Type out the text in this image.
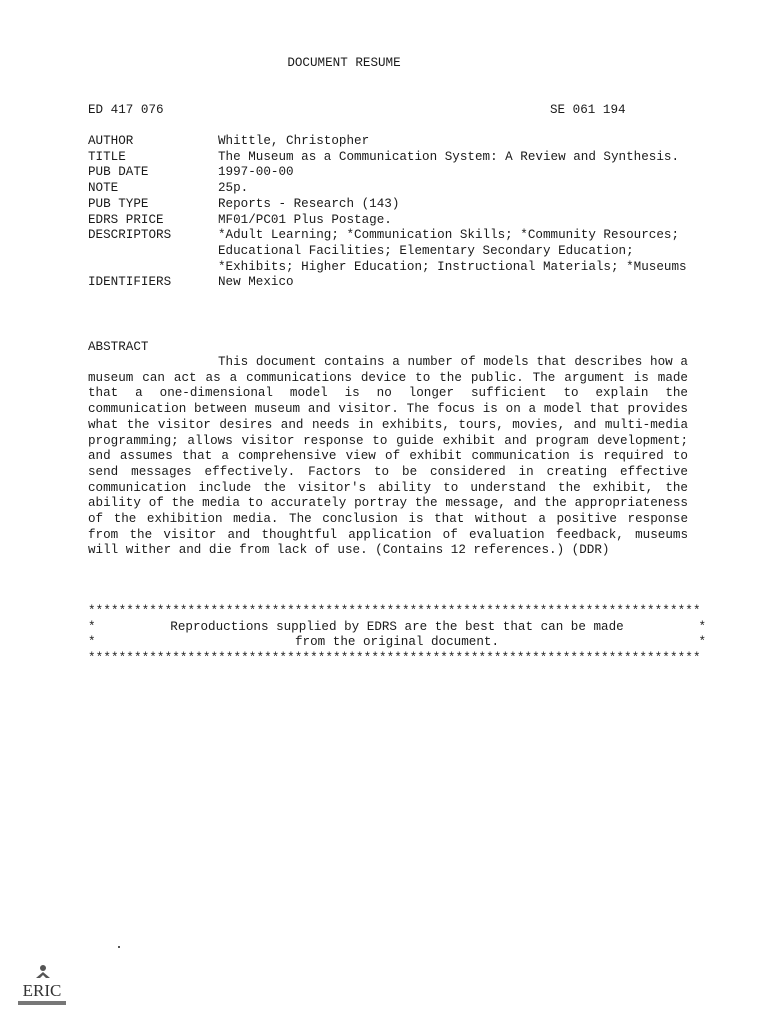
DOCUMENT RESUME
ED 417 076	SE 061 194
AUTHOR	Whittle, Christopher
TITLE	The Museum as a Communication System: A Review and Synthesis.
PUB DATE	1997-00-00
NOTE	25p.
PUB TYPE	Reports - Research (143)
EDRS PRICE	MF01/PC01 Plus Postage.
DESCRIPTORS	*Adult Learning; *Communication Skills; *Community Resources; Educational Facilities; Elementary Secondary Education; *Exhibits; Higher Education; Instructional Materials; *Museums
IDENTIFIERS	New Mexico
ABSTRACT

This document contains a number of models that describes how a museum can act as a communications device to the public. The argument is made that a one-dimensional model is no longer sufficient to explain the communication between museum and visitor. The focus is on a model that provides what the visitor desires and needs in exhibits, tours, movies, and multi-media programming; allows visitor response to guide exhibit and program development; and assumes that a comprehensive view of exhibit communication is required to send messages effectively. Factors to be considered in creating effective communication include the visitor's ability to understand the exhibit, the ability of the media to accurately portray the message, and the appropriateness of the exhibition media. The conclusion is that without a positive response from the visitor and thoughtful application of evaluation feedback, museums will wither and die from lack of use. (Contains 12 references.) (DDR)

********************************************************************************
*	Reproductions supplied by EDRS are the best that can be made	*
*	from the original document.	*
********************************************************************************
ERIC
